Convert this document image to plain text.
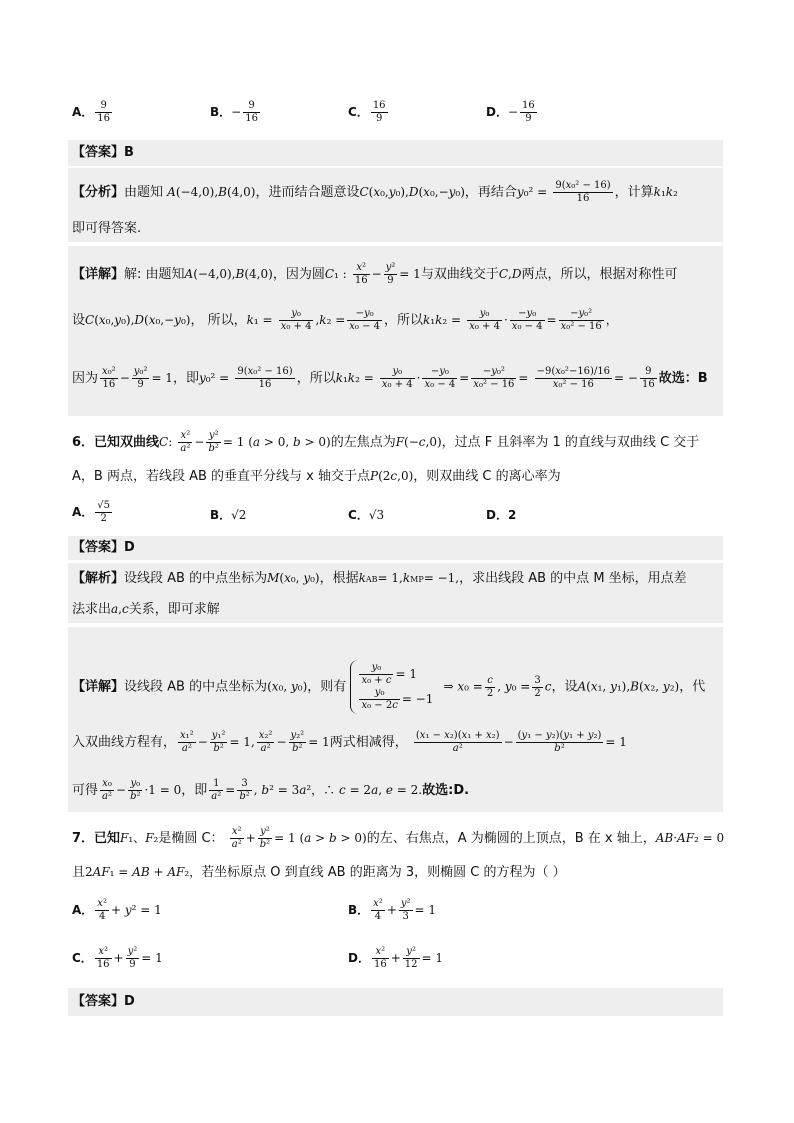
A． $\frac{9}{16}$	B．− $\frac{9}{16}$	C． $\frac{16}{9}$	D．− $\frac{16}{9}$
【答案】B
【分析】由题知 A(−4,0),B(4,0)，进而结合题意设C(x₀,y₀),D(x₀,−y₀)，再结合$y_0^2 = \frac{\text{9(x₀² − 16)}}{16}$ ，计算k₁k₂
即可得答案.
【详解】解: 由题知A(−4,0),B(4,0)，因为圆C₁ : $\frac{\text{x²}}{16} - \frac{\text{y²}}{9} = 1$与双曲线交于C,D两点，所以，根据对称性可
设C(x₀,y₀),D(x₀,−y₀)， 所以，$k_1 = \frac{\text{y₀}}{\text{x₀ + 4}} ,k_2 = \frac{\text{−y₀}}{\text{x₀ − 4}}$ ，所以$k_1k_2 = \frac{\text{y₀}}{\text{x₀ + 4}} \cdot \frac{\text{−y₀}}{\text{x₀ − 4}} = \frac{\text{−y₀²}}{\text{x₀² − 16}}$ ，
因为 $\frac{\text{x₀²}}{16} - \frac{\text{y₀²}}{9} = 1$，即$y_0^2 = \frac{\text{9(x₀² − 16)}}{16}$ ，所以$k_1k_2 = \frac{\text{y₀}}{\text{x₀ + 4}} \cdot \frac{\text{−y₀}}{\text{x₀ − 4}} = \frac{\text{−y₀²}}{\text{x₀² − 16}} = \frac{\text{−9(x₀²−16)/16}}{\text{x₀² − 16}}$ = − $\frac{9}{16}$ 故选：B
6．已知双曲线C: $\frac{\text{x²}}{\text{a²}} - \frac{\text{y²}}{\text{b²}} = 1$ (a > 0, b > 0)的左焦点为F(−c,0)，过点 F 且斜率为 1 的直线与双曲线 C 交于
A，B 两点，若线段 AB 的垂直平分线与 x 轴交于点P(2c,0)，则双曲线 C 的离心率为
A． $\frac{√5}{2}$	B．√2	C．√3	D．2
【答案】D
【解析】设线段 AB 的中点坐标为M(x₀, y₀)，根据kAB= 1,kMP= −1,，求出线段 AB 的中点 M 坐标，用点差
法求出a,c关系，即可求解
【详解】设线段 AB 的中点坐标为(x₀, y₀)，则有 $\frac{\text{y₀}}{\text{x₀ + c}} = 1$

$\frac{\text{y₀}}{\text{x₀ − 2c}} = -1$ ⇒ $x_0 = \frac{c}{2}$ , $y_0 = \frac{3}{2}$ c，设A(x₁, y₁),B(x₂, y₂)，代
入双曲线方程有， $\frac{\text{x₁²}}{\text{a²}} - \frac{\text{y₁²}}{\text{b²}} = 1$, $\frac{\text{x₂²}}{\text{a²}} - \frac{\text{y₂²}}{\text{b²}} = 1$两式相减得， $\frac{\text{(x₁ − x₂)(x₁ + x₂)}}{\text{a²}} - \frac{\text{(y₁ − y₂)(y₁ + y₂)}}{\text{b²}} = 1$
可得 $\frac{\text{x₀}}{\text{a²}} - \frac{\text{y₀}}{\text{b²}} \cdot 1 = 0$，即 $\frac{1}{\text{a²}} = \frac{3}{\text{b²}}$ , b² = 3a²，∴ c = 2a, e = 2.故选:D.
7．已知F₁、F₂是椭圆 C： $\frac{\text{x²}}{\text{a²}} + \frac{\text{y²}}{\text{b²}} = 1$ (a > b > 0)的左、右焦点，A 为椭圆的上顶点，B 在 x 轴上，AB·AF₂ = 0
且2AF₁ = AB + AF₂，若坐标原点 O 到直线 AB 的距离为 3，则椭圆 C 的方程为（ ）
A． $\frac{\text{x²}}{4} + y^2 = 1$	B． $\frac{\text{x²}}{4} + \frac{\text{y²}}{3} = 1$
C． $\frac{\text{x²}}{16} + \frac{\text{y²}}{9} = 1$	D． $\frac{\text{x²}}{16} + \frac{\text{y²}}{12} = 1$
【答案】D
